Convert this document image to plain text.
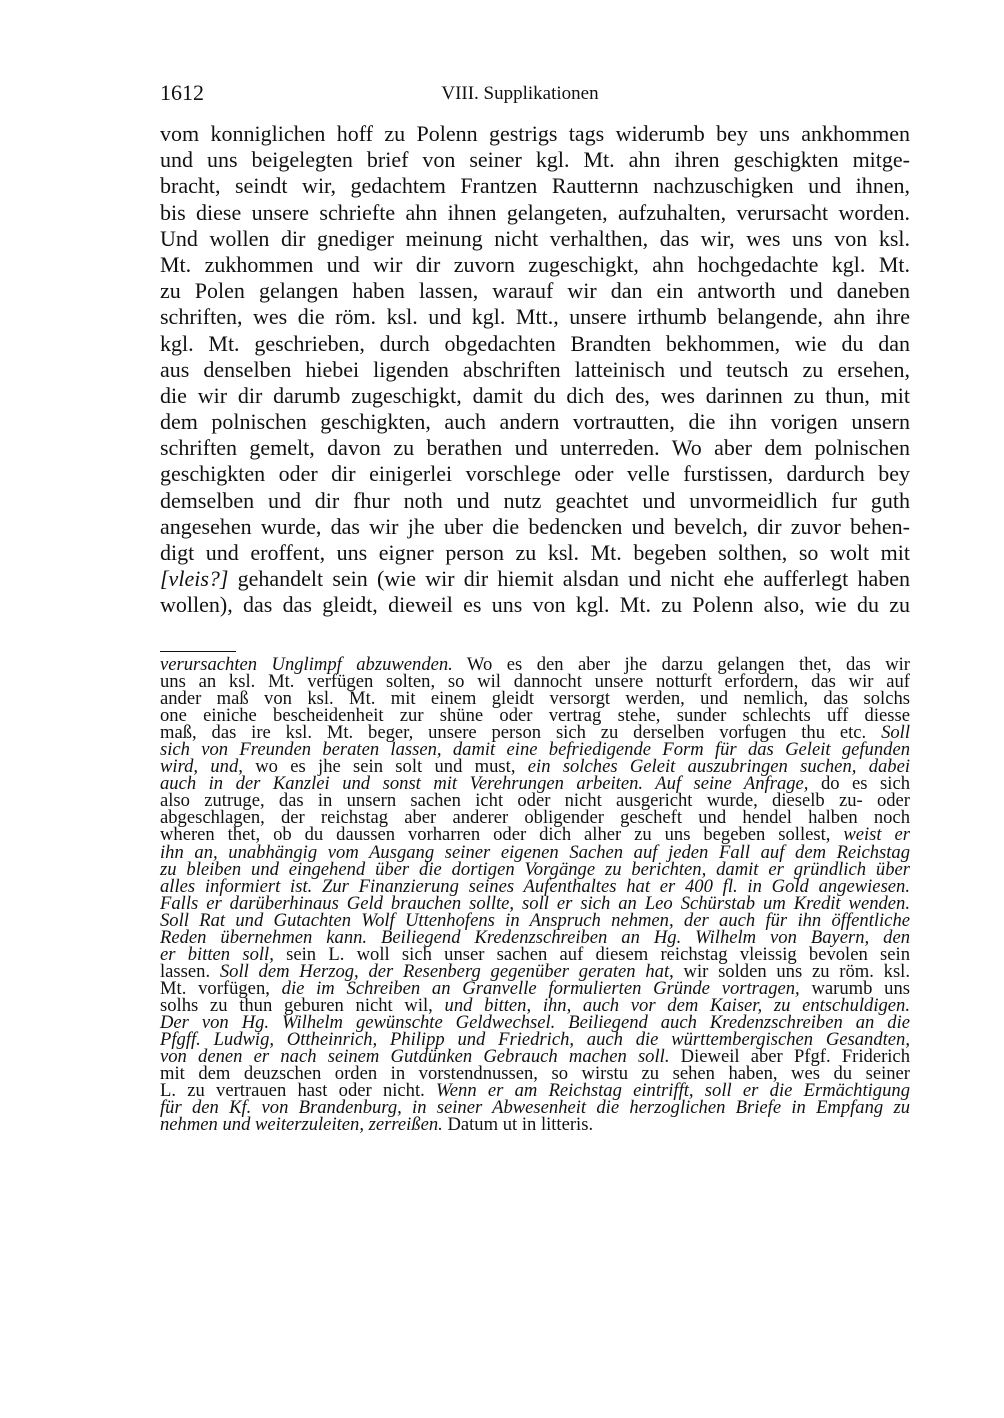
1612	VIII. Supplikationen
vom konniglichen hoff zu Polenn gestrigs tags widerumb bey uns ankhommen
und uns beigelegten brief von seiner kgl. Mt. ahn ihren geschigkten mitge-
bracht, seindt wir, gedachtem Frantzen Rautternn nachzuschigken und ihnen,
bis diese unsere schriefte ahn ihnen gelangeten, aufzuhalten, verursacht worden.
Und wollen dir gnediger meinung nicht verhalthen, das wir, wes uns von ksl.
Mt. zukhommen und wir dir zuvorn zugeschigkt, ahn hochgedachte kgl. Mt.
zu Polen gelangen haben lassen, warauf wir dan ein antworth und daneben
schriften, wes die röm. ksl. und kgl. Mtt., unsere irthumb belangende, ahn ihre
kgl. Mt. geschrieben, durch obgedachten Brandten bekhommen, wie du dan
aus denselben hiebei ligenden abschriften latteinisch und teutsch zu ersehen,
die wir dir darumb zugeschigkt, damit du dich des, wes darinnen zu thun, mit
dem polnischen geschigkten, auch andern vortrautten, die ihn vorigen unsern
schriften gemelt, davon zu berathen und unterreden. Wo aber dem polnischen
geschigkten oder dir einigerlei vorschlege oder velle furstissen, dardurch bey
demselben und dir fhur noth und nutz geachtet und unvormeidlich fur guth
angesehen wurde, das wir jhe uber die bedencken und bevelch, dir zuvor behen-
digt und eroffent, uns eigner person zu ksl. Mt. begeben solthen, so wolt mit
[vleis?] gehandelt sein (wie wir dir hiemit alsdan und nicht ehe aufferlegt haben
wollen), das das gleidt, dieweil es uns von kgl. Mt. zu Polenn also, wie du zu
verursachten Unglimpf abzuwenden. Wo es den aber jhe darzu gelangen thet, das wir
uns an ksl. Mt. verfügen solten, so wil dannocht unsere notturft erfordern, das wir auf
ander maß von ksl. Mt. mit einem gleidt versorgt werden, und nemlich, das solchs
one einiche bescheidenheit zur shüne oder vertrag stehe, sunder schlechts uff diesse
maß, das ire ksl. Mt. beger, unsere person sich zu derselben vorfugen thu etc. Soll
sich von Freunden beraten lassen, damit eine befriedigende Form für das Geleit gefunden
wird, und, wo es jhe sein solt und must, ein solches Geleit auszubringen suchen, dabei
auch in der Kanzlei und sonst mit Verehrungen arbeiten. Auf seine Anfrage, do es sich
also zutruge, das in unsern sachen icht oder nicht ausgericht wurde, dieselb zu- oder
abgeschlagen, der reichstag aber anderer obligender gescheft und hendel halben noch
wheren thet, ob du daussen vorharren oder dich alher zu uns begeben sollest, weist er
ihn an, unabhängig vom Ausgang seiner eigenen Sachen auf jeden Fall auf dem Reichstag
zu bleiben und eingehend über die dortigen Vorgänge zu berichten, damit er gründlich über
alles informiert ist. Zur Finanzierung seines Aufenthaltes hat er 400 fl. in Gold angewiesen.
Falls er darüberhinaus Geld brauchen sollte, soll er sich an Leo Schürstab um Kredit wenden.
Soll Rat und Gutachten Wolf Uttenhofens in Anspruch nehmen, der auch für ihn öffentliche
Reden übernehmen kann. Beiliegend Kredenzschreiben an Hg. Wilhelm von Bayern, den
er bitten soll, sein L. woll sich unser sachen auf diesem reichstag vleissig bevolen sein
lassen. Soll dem Herzog, der Resenberg gegenüber geraten hat, wir solden uns zu röm. ksl.
Mt. vorfügen, die im Schreiben an Granvelle formulierten Gründe vortragen, warumb uns
solhs zu thun geburen nicht wil, und bitten, ihn, auch vor dem Kaiser, zu entschuldigen.
Der von Hg. Wilhelm gewünschte Geldwechsel. Beiliegend auch Kredenzschreiben an die
Pfgff. Ludwig, Ottheinrich, Philipp und Friedrich, auch die württembergischen Gesandten,
von denen er nach seinem Gutdünken Gebrauch machen soll. Dieweil aber Pfgf. Friderich
mit dem deuzschen orden in vorstendnussen, so wirstu zu sehen haben, wes du seiner
L. zu vertrauen hast oder nicht. Wenn er am Reichstag eintrifft, soll er die Ermächtigung
für den Kf. von Brandenburg, in seiner Abwesenheit die herzoglichen Briefe in Empfang zu
nehmen und weiterzuleiten, zerreißen. Datum ut in litteris.
